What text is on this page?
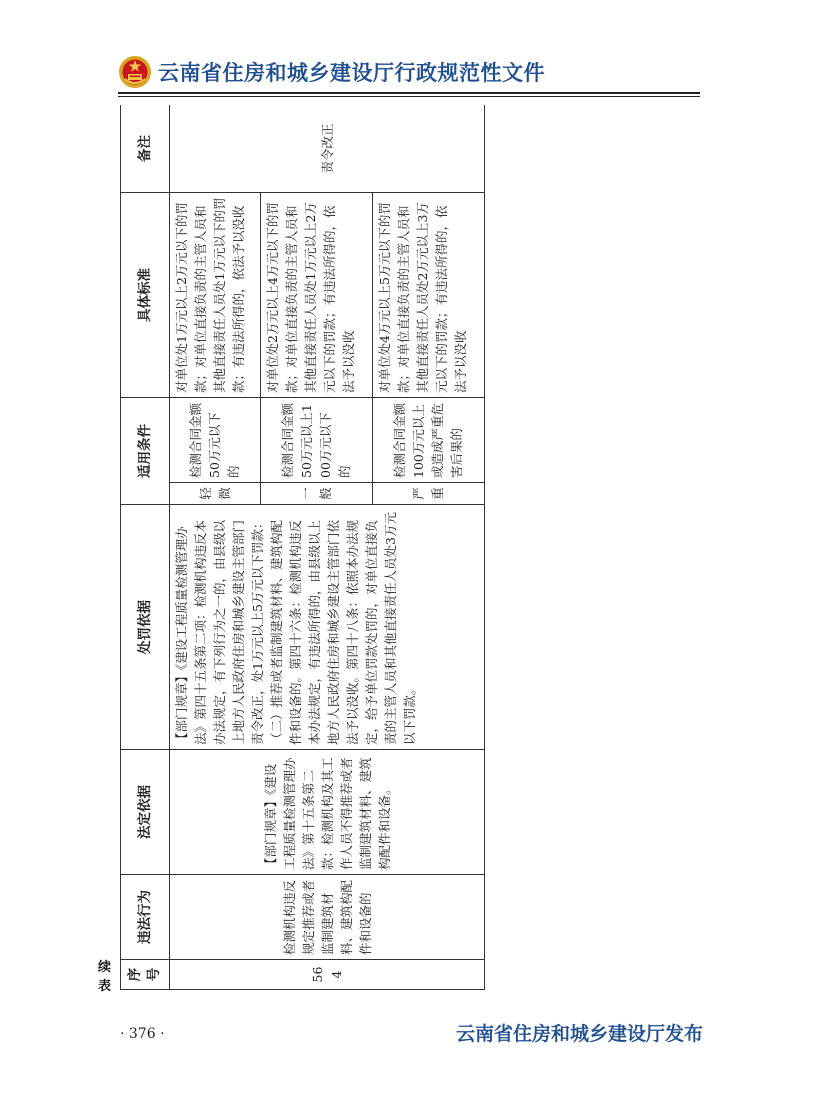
云南省住房和城乡建设厅行政规范性文件
续
表
序号	违法行为	法定依据	处罚依据	适用条件		具体标准	备注
564	检测机构违反规定推荐或者监制建筑材料、建筑构配件和设备的	【部门规章】《建设工程质量检测管理办法》第十五条第二款：检测机构及其工作人员不得推荐或者监制建筑材料、建筑构配件和设备。	【部门规章】《建设工程质量检测管理办法》第四十五条第二项：检测机构违反本办法规定，有下列行为之一的，由县级以上地方人民政府住房和城乡建设主管部门责令改正，处1万元以上5万元以下罚款：（二）推荐或者监制建筑材料、建筑构配件和设备的。第四十六条：检测机构违反本办法规定，有违法所得的，由县级以上地方人民政府住房和城乡建设主管部门依法予以没收。第四十八条：依照本办法规定，给予单位罚款处罚的，对单位直接负责的主管人员和其他直接责任人员处3万元以下罚款。	轻微	检测合同金额50万元以下的	对单位处1万元以上2万元以下的罚款；对单位直接负责的主管人员和其他直接责任人员处1万元以下的罚款；有违法所得的，依法予以没收	责令改正
				一般	检测合同金额50万元以上100万元以下的	对单位处2万元以上4万元以下的罚款；对单位直接负责的主管人员和其他直接责任人员处1万元以上2万元以下的罚款；有违法所得的，依法予以没收	
				严重	检测合同金额100万元以上或造成严重危害后果的	对单位处4万元以上5万元以下的罚款；对单位直接负责的主管人员和其他直接责任人员处2万元以上3万元以下的罚款；有违法所得的，依法予以没收	
· 376 ·	云南省住房和城乡建设厅发布
